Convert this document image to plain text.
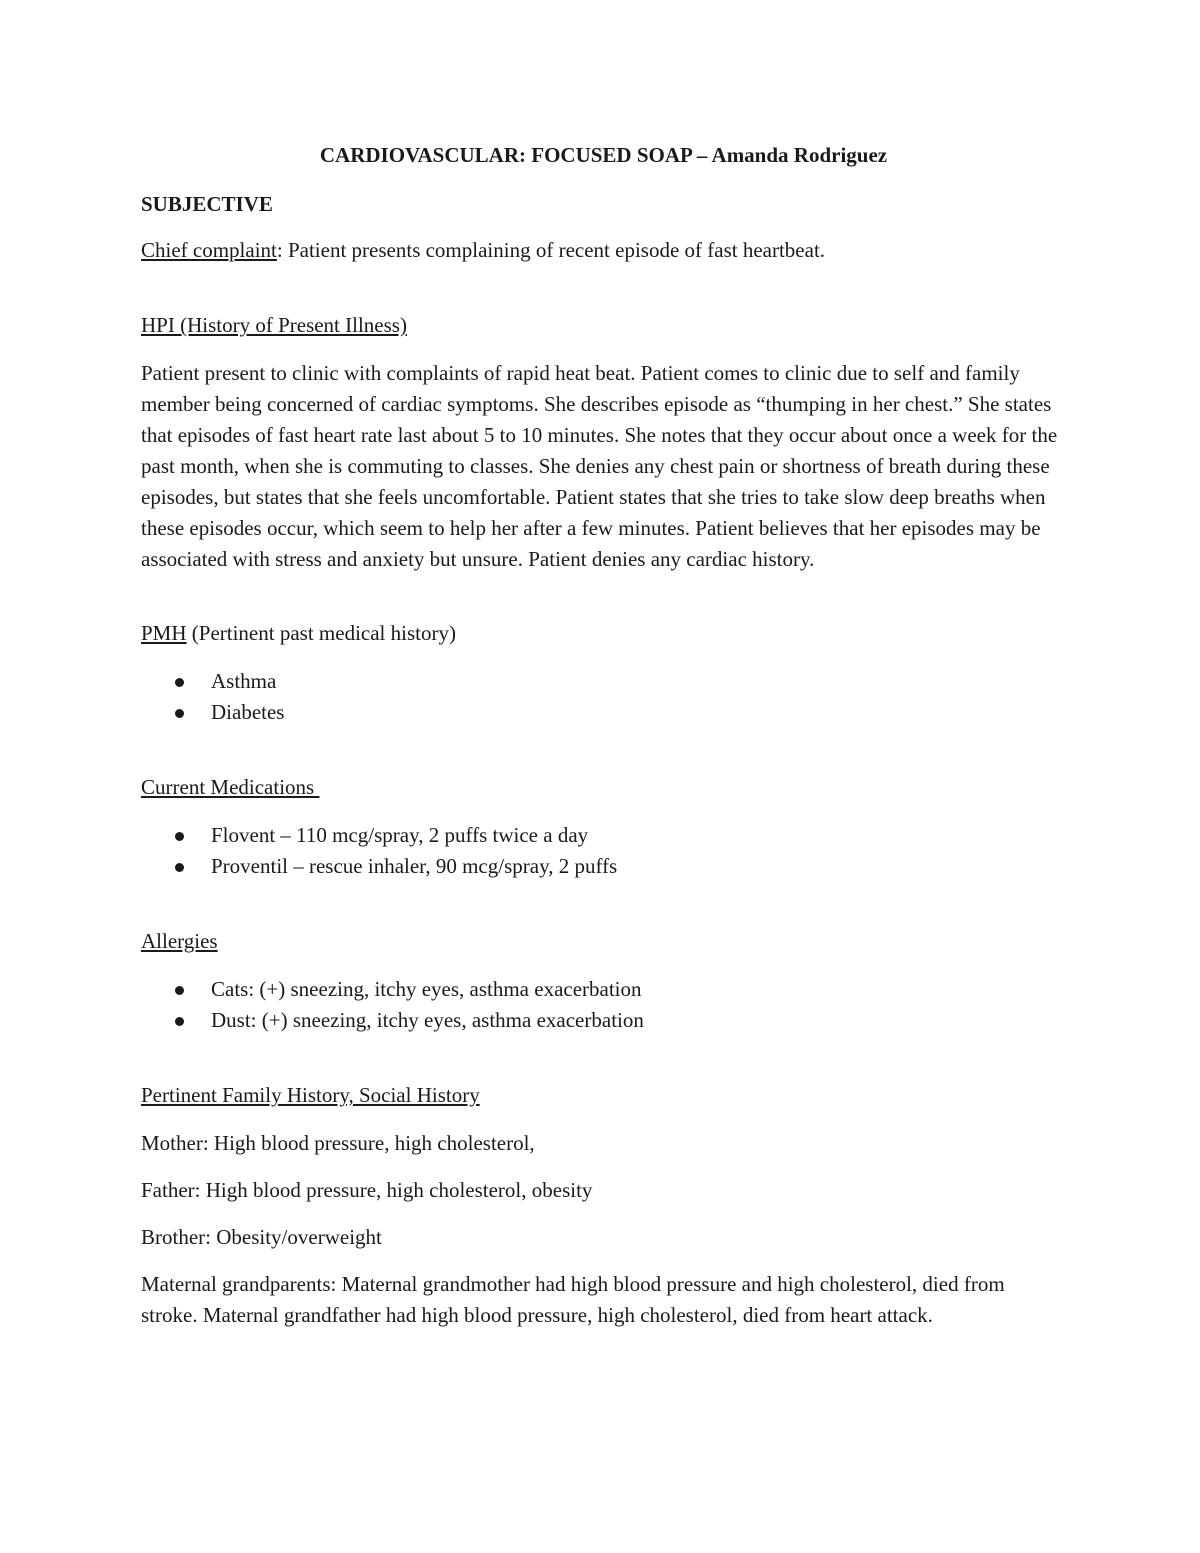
CARDIOVASCULAR: FOCUSED SOAP – Amanda Rodriguez

SUBJECTIVE

Chief complaint: Patient presents complaining of recent episode of fast heartbeat.

HPI (History of Present Illness)

Patient present to clinic with complaints of rapid heat beat. Patient comes to clinic due to self and family member being concerned of cardiac symptoms. She describes episode as “thumping in her chest.” She states that episodes of fast heart rate last about 5 to 10 minutes. She notes that they occur about once a week for the past month, when she is commuting to classes. She denies any chest pain or shortness of breath during these episodes, but states that she feels uncomfortable. Patient states that she tries to take slow deep breaths when these episodes occur, which seem to help her after a few minutes. Patient believes that her episodes may be associated with stress and anxiety but unsure. Patient denies any cardiac history.

PMH (Pertinent past medical history)

Asthma
Diabetes

Current Medications

Flovent – 110 mcg/spray, 2 puffs twice a day
Proventil – rescue inhaler, 90 mcg/spray, 2 puffs

Allergies

Cats: (+) sneezing, itchy eyes, asthma exacerbation
Dust: (+) sneezing, itchy eyes, asthma exacerbation

Pertinent Family History, Social History

Mother: High blood pressure, high cholesterol,

Father: High blood pressure, high cholesterol, obesity

Brother: Obesity/overweight

Maternal grandparents: Maternal grandmother had high blood pressure and high cholesterol, died from stroke. Maternal grandfather had high blood pressure, high cholesterol, died from heart attack.
